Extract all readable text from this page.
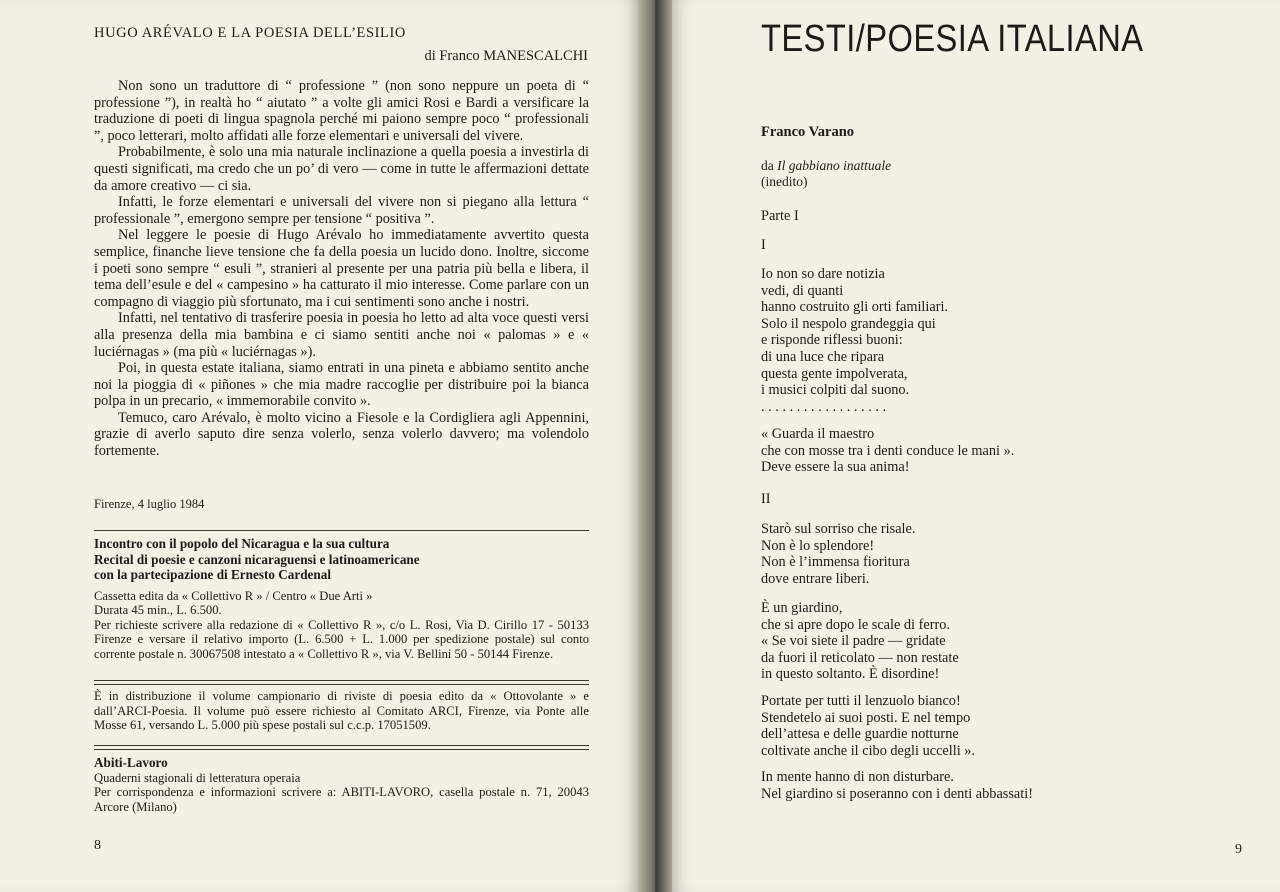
HUGO ARÉVALO E LA POESIA DELL’ESILIO
di Franco MANESCALCHI

Non sono un traduttore di “ professione ” (non sono neppure un poeta di “ professione ”), in realtà ho “ aiutato ” a volte gli amici Rosi e Bardi a versificare la traduzione di poeti di lingua spagnola perché mi paiono sempre poco “ professionali ”, poco letterari, molto affidati alle forze elementari e universali del vivere.

Probabilmente, è solo una mia naturale inclinazione a quella poesia a investirla di questi significati, ma credo che un po’ di vero — come in tutte le affermazioni dettate da amore creativo — ci sia.

Infatti, le forze elementari e universali del vivere non si piegano alla lettura “ professionale ”, emergono sempre per tensione “ positiva ”.

Nel leggere le poesie di Hugo Arévalo ho immediatamente avvertito questa semplice, finanche lieve tensione che fa della poesia un lucido dono. Inoltre, siccome i poeti sono sempre “ esuli ”, stranieri al presente per una patria più bella e libera, il tema dell’esule e del « campesino » ha catturato il mio interesse. Come parlare con un compagno di viaggio più sfortunato, ma i cui sentimenti sono anche i nostri.

Infatti, nel tentativo di trasferire poesia in poesia ho letto ad alta voce questi versi alla presenza della mia bambina e ci siamo sentiti anche noi « palomas » e « luciérnagas » (ma più « luciérnagas »).

Poi, in questa estate italiana, siamo entrati in una pineta e abbiamo sentito anche noi la pioggia di « piñones » che mia madre raccoglie per distribuire poi la bianca polpa in un precario, « immemorabile convito ».

Temuco, caro Arévalo, è molto vicino a Fiesole e la Cordigliera agli Appennini, grazie di averlo saputo dire senza volerlo, senza volerlo davvero; ma volendolo fortemente.

Firenze, 4 luglio 1984
Incontro con il popolo del Nicaragua e la sua cultura
Recital di poesie e canzoni nicaraguensi e latinoamericane
con la partecipazione di Ernesto Cardenal

Cassetta edita da « Collettivo R » / Centro « Due Arti »

Durata 45 min., L. 6.500.

Per richieste scrivere alla redazione di « Collettivo R », c/o L. Rosi, Via D. Cirillo 17 - 50133 Firenze e versare il relativo importo (L. 6.500 + L. 1.000 per spedizione postale) sul conto corrente postale n. 30067508 intestato a « Collettivo R », via V. Bellini 50 - 50144 Firenze.

È in distribuzione il volume campionario di riviste di poesia edito da « Ottovolante » e dall’ARCI-Poesia. Il volume può essere richiesto al Comitato ARCI, Firenze, via Ponte alle Mosse 61, versando L. 5.000 più spese postali sul c.c.p. 17051509.

Abiti-Lavoro

Quaderni stagionali di letteratura operaia

Per corrispondenza e informazioni scrivere a: ABITI-LAVORO, casella postale n. 71, 20043 Arcore (Milano)

8
TESTI/POESIA ITALIANA
Franco Varano
da Il gabbiano inattuale
(inedito)
Parte I
I
Io non so dare notizia
vedi, di quanti
hanno costruito gli orti familiari.
Solo il nespolo grandeggia qui
e risponde riflessi buoni:
di una luce che ripara
questa gente impolverata,
i musici colpiti dal suono.
. . . . . . . . . . . . . . . . . .
« Guarda il maestro
che con mosse tra i denti conduce le mani ».
Deve essere la sua anima!
II
Starò sul sorriso che risale.
Non è lo splendore!
Non è l’immensa fioritura
dove entrare liberi.
È un giardino,
che si apre dopo le scale di ferro.
« Se voi siete il padre — gridate
da fuori il reticolato — non restate
in questo soltanto. È disordine!
Portate per tutti il lenzuolo bianco!
Stendetelo ai suoi posti. E nel tempo
dell’attesa e delle guardie notturne
coltivate anche il cibo degli uccelli ».
In mente hanno di non disturbare.
Nel giardino si poseranno con i denti abbassati!
9
